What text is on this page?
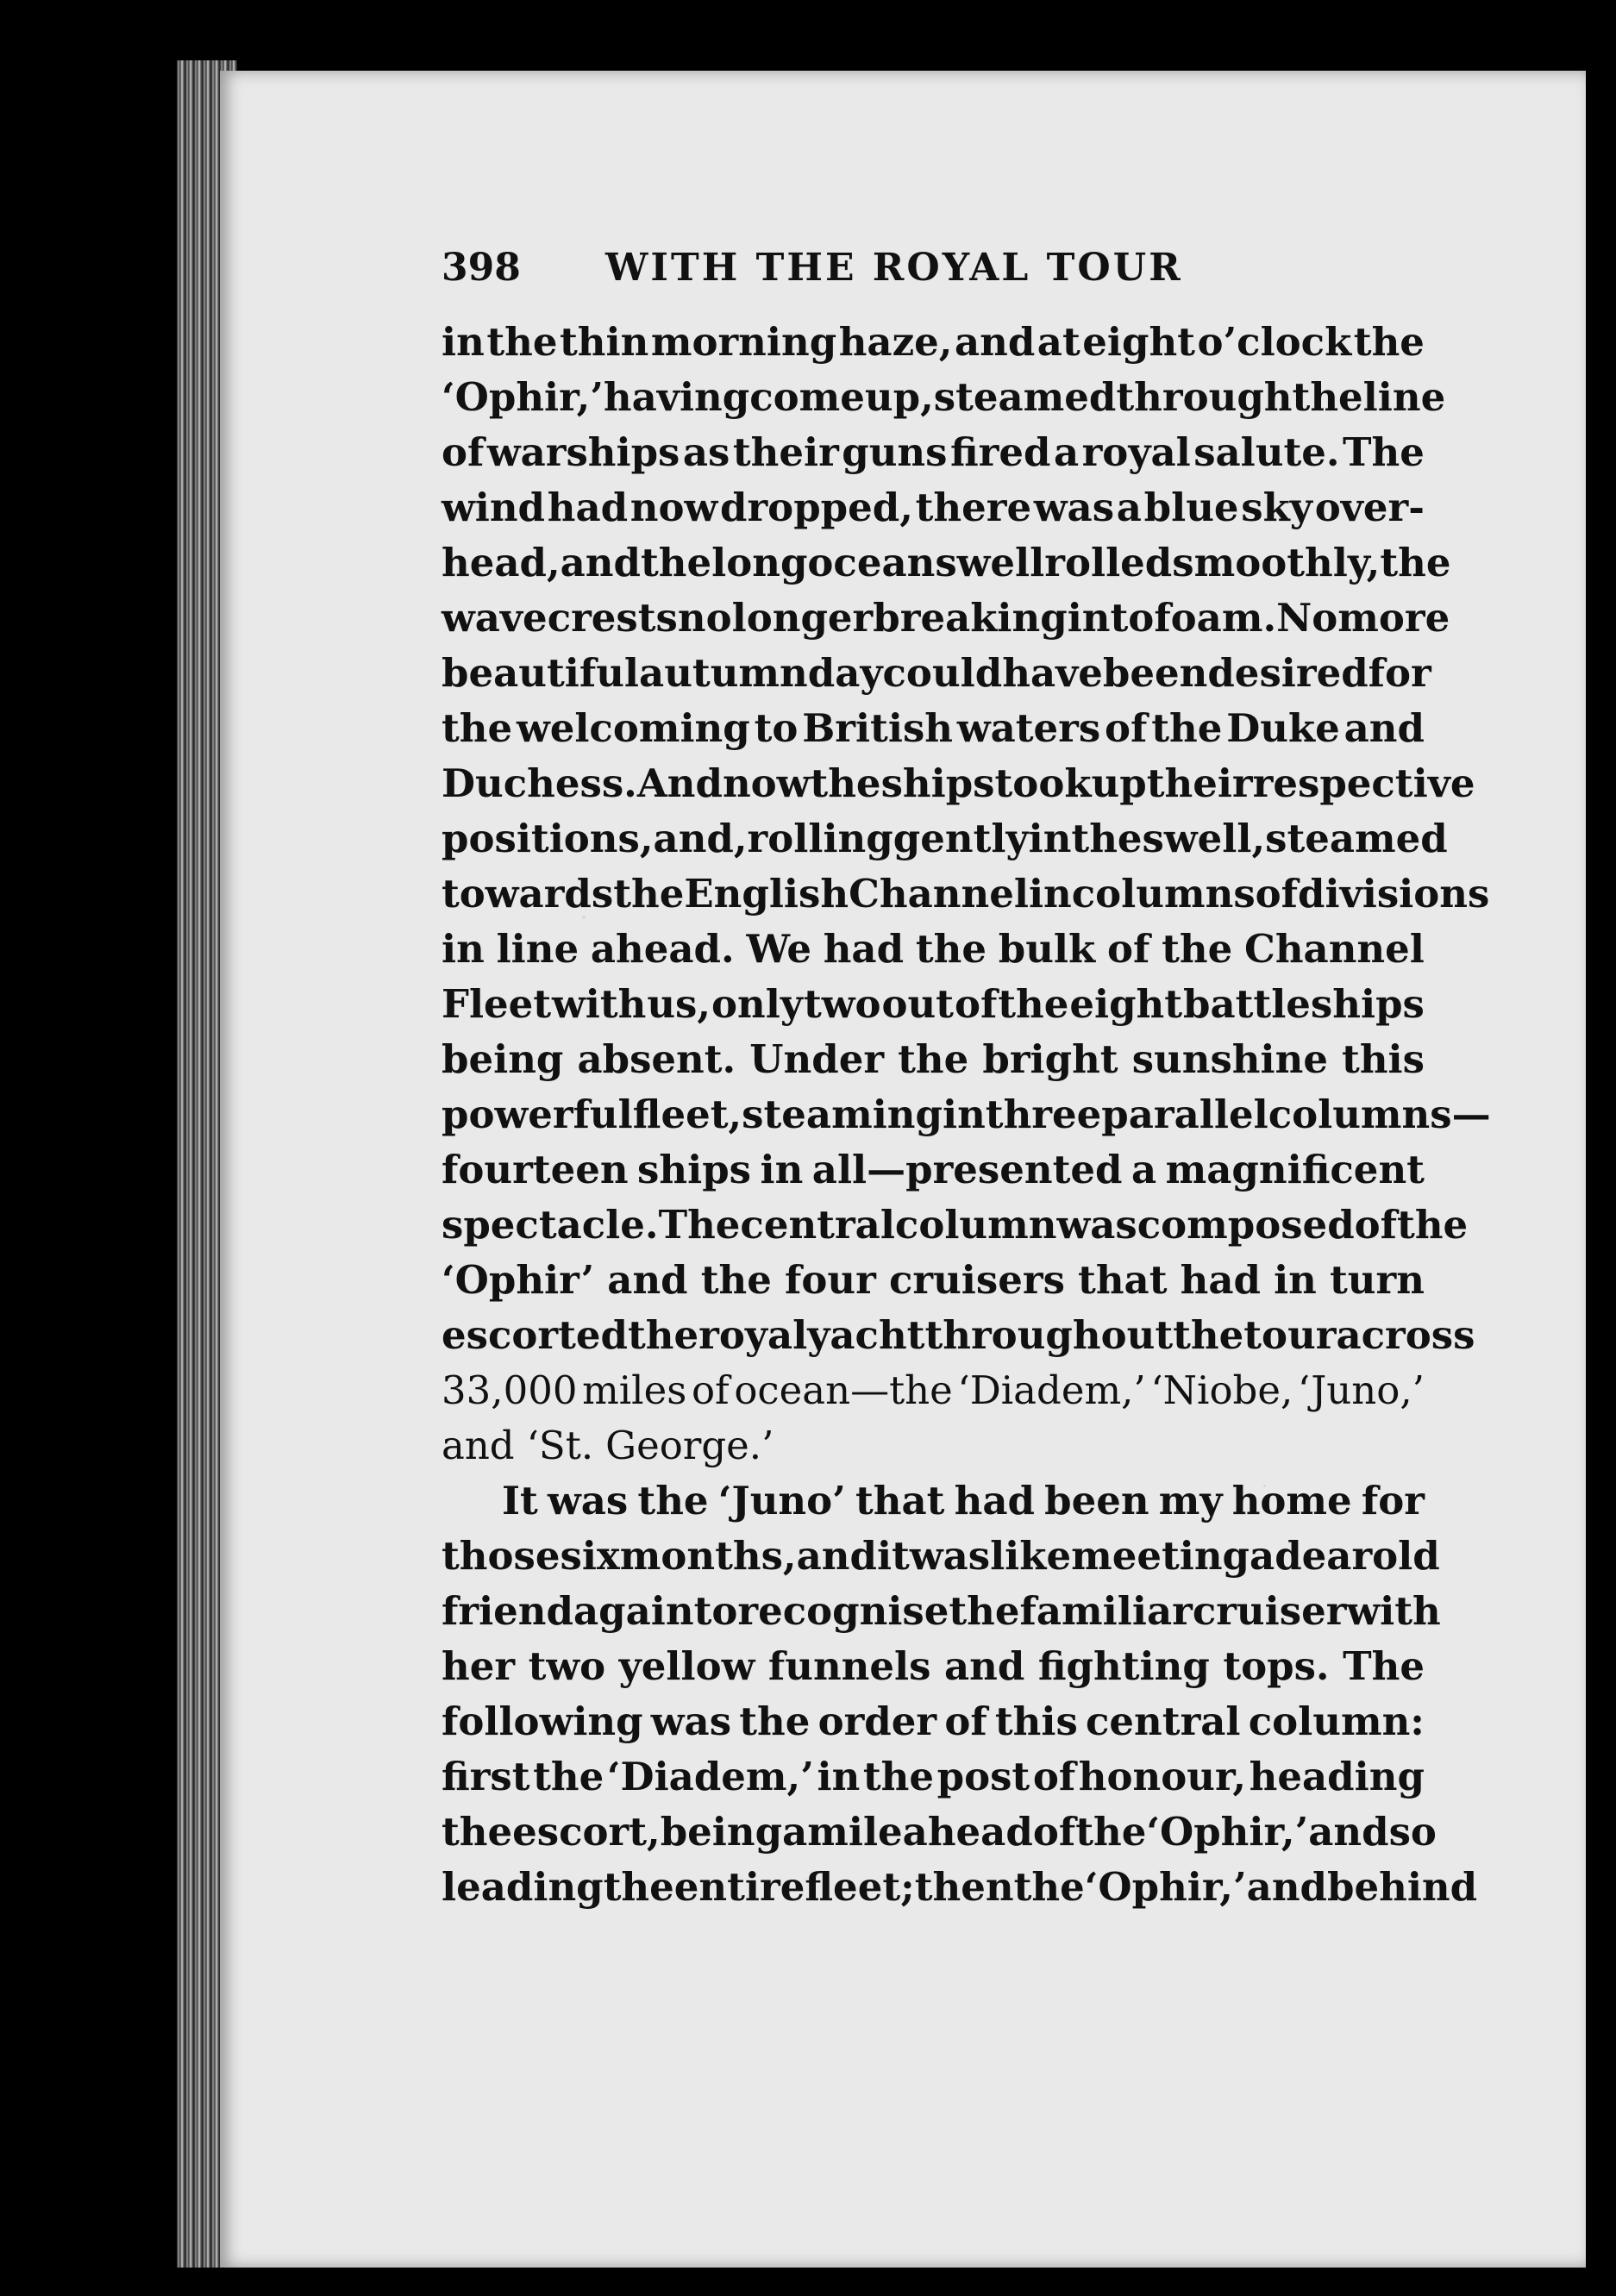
398	WITH THE ROYAL TOUR
in the thin morning haze, and at eight o’clock the
‘Ophir,’ having come up, steamed through the line
of warships as their guns fired a royal salute. The
wind had now dropped, there was a blue sky over-
head, and the long ocean swell rolled smoothly, the
wave crests no longer breaking into foam. No more
beautiful autumn day could have been desired for
the welcoming to British waters of the Duke and
Duchess. And now the ships took up their respective
positions, and, rolling gently in the swell, steamed
towards the English Channel in columns of divisions
in line ahead. We had the bulk of the Channel
Fleet with us, only two out of the eight battleships
being absent. Under the bright sunshine this
powerful fleet, steaming in three parallel columns—
fourteen ships in all—presented a magnificent
spectacle. The central column was composed of the
‘Ophir’ and the four cruisers that had in turn
escorted the royal yacht throughout the tour across
33,000 miles of ocean—the ‘Diadem,’ ‘Niobe, ‘Juno,’
and ‘St. George.’
It was the ‘Juno’ that had been my home for
those six months, and it was like meeting a dear old
friend again to recognise the familiar cruiser with
her two yellow funnels and fighting tops. The
following was the order of this central column:
first the ‘Diadem,’ in the post of honour, heading
the escort, being a mile ahead of the ‘Ophir,’ and so
leading the entire fleet; then the ‘Ophir,’ and behind
